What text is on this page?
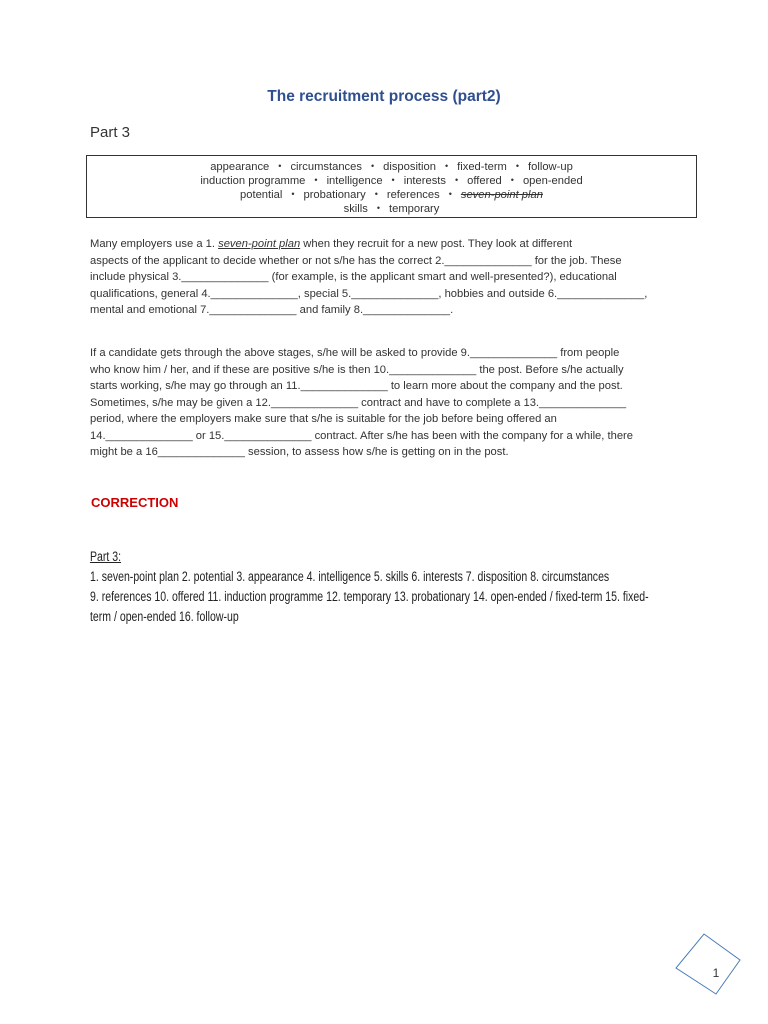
The recruitment process (part2)
Part 3
appearance • circumstances • disposition • fixed-term • follow-up
induction programme • intelligence • interests • offered • open-ended
potential • probationary • references • seven-point plan
skills • temporary
Many employers use a 1. seven-point plan when they recruit for a new post. They look at different
aspects of the applicant to decide whether or not s/he has the correct 2.______________ for the job. These
include physical 3.______________ (for example, is the applicant smart and well-presented?), educational
qualifications, general 4.______________, special 5.______________, hobbies and outside 6.______________,
mental and emotional 7.______________ and family 8.______________.
If a candidate gets through the above stages, s/he will be asked to provide 9.______________ from people
who know him / her, and if these are positive s/he is then 10.______________ the post. Before s/he actually
starts working, s/he may go through an 11.______________ to learn more about the company and the post.
Sometimes, s/he may be given a 12.______________ contract and have to complete a 13.______________
period, where the employers make sure that s/he is suitable for the job before being offered an
14.______________ or 15.______________ contract. After s/he has been with the company for a while, there
might be a 16______________ session, to assess how s/he is getting on in the post.
CORRECTION
Part 3:
1. seven-point plan 2. potential 3. appearance 4. intelligence 5. skills 6. interests 7. disposition 8. circumstances
9. references 10. offered 11. induction programme 12. temporary 13. probationary 14. open-ended / fixed-term 15. fixed-
term / open-ended 16. follow-up
1
